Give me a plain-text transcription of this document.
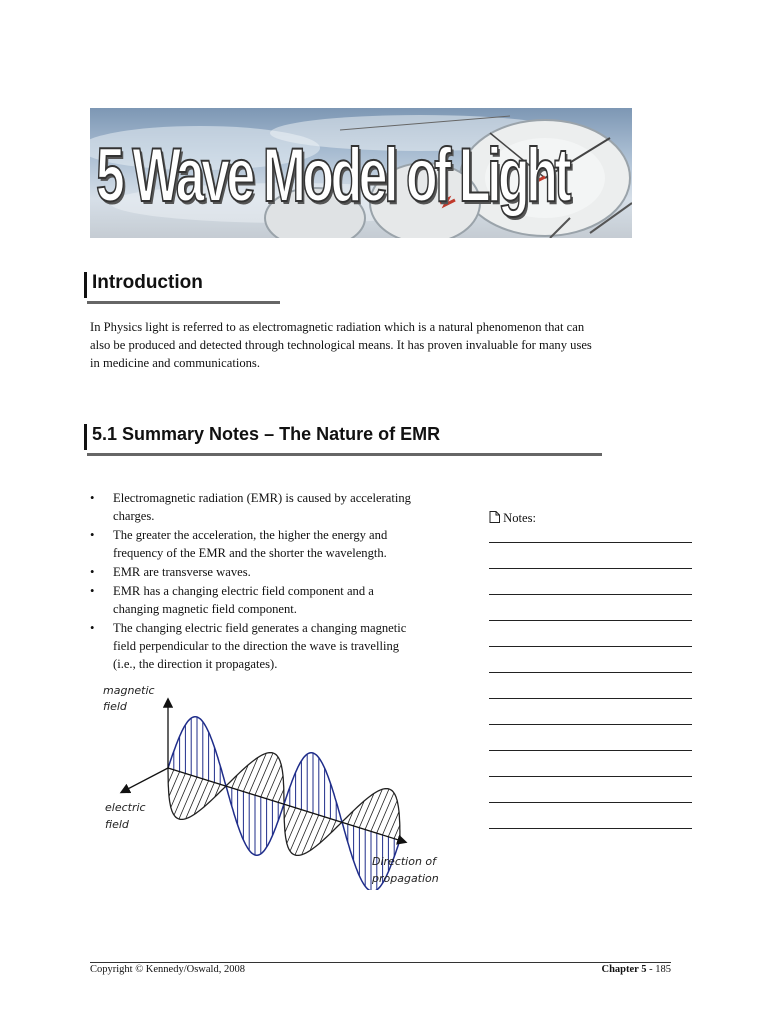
5 Wave Model of Light
Introduction

In Physics light is referred to as electromagnetic radiation which is a natural phenomenon that can
also be produced and detected through technological means. It has proven invaluable for many uses
in medicine and communications.

5.1 Summary Notes – The Nature of EMR
• Electromagnetic radiation (EMR) is caused by accelerating
charges.
• The greater the acceleration, the higher the energy and
frequency of the EMR and the shorter the wavelength.
• EMR are transverse waves.
• EMR has a changing electric field component and a
changing magnetic field component.
• The changing electric field generates a changing magnetic
field perpendicular to the direction the wave is travelling
(i.e., the direction it propagates).
Notes:
magnetic
field
electric
field
Direction of
propagation
Copyright © Kennedy/Oswald, 2008	Chapter 5 - 185
